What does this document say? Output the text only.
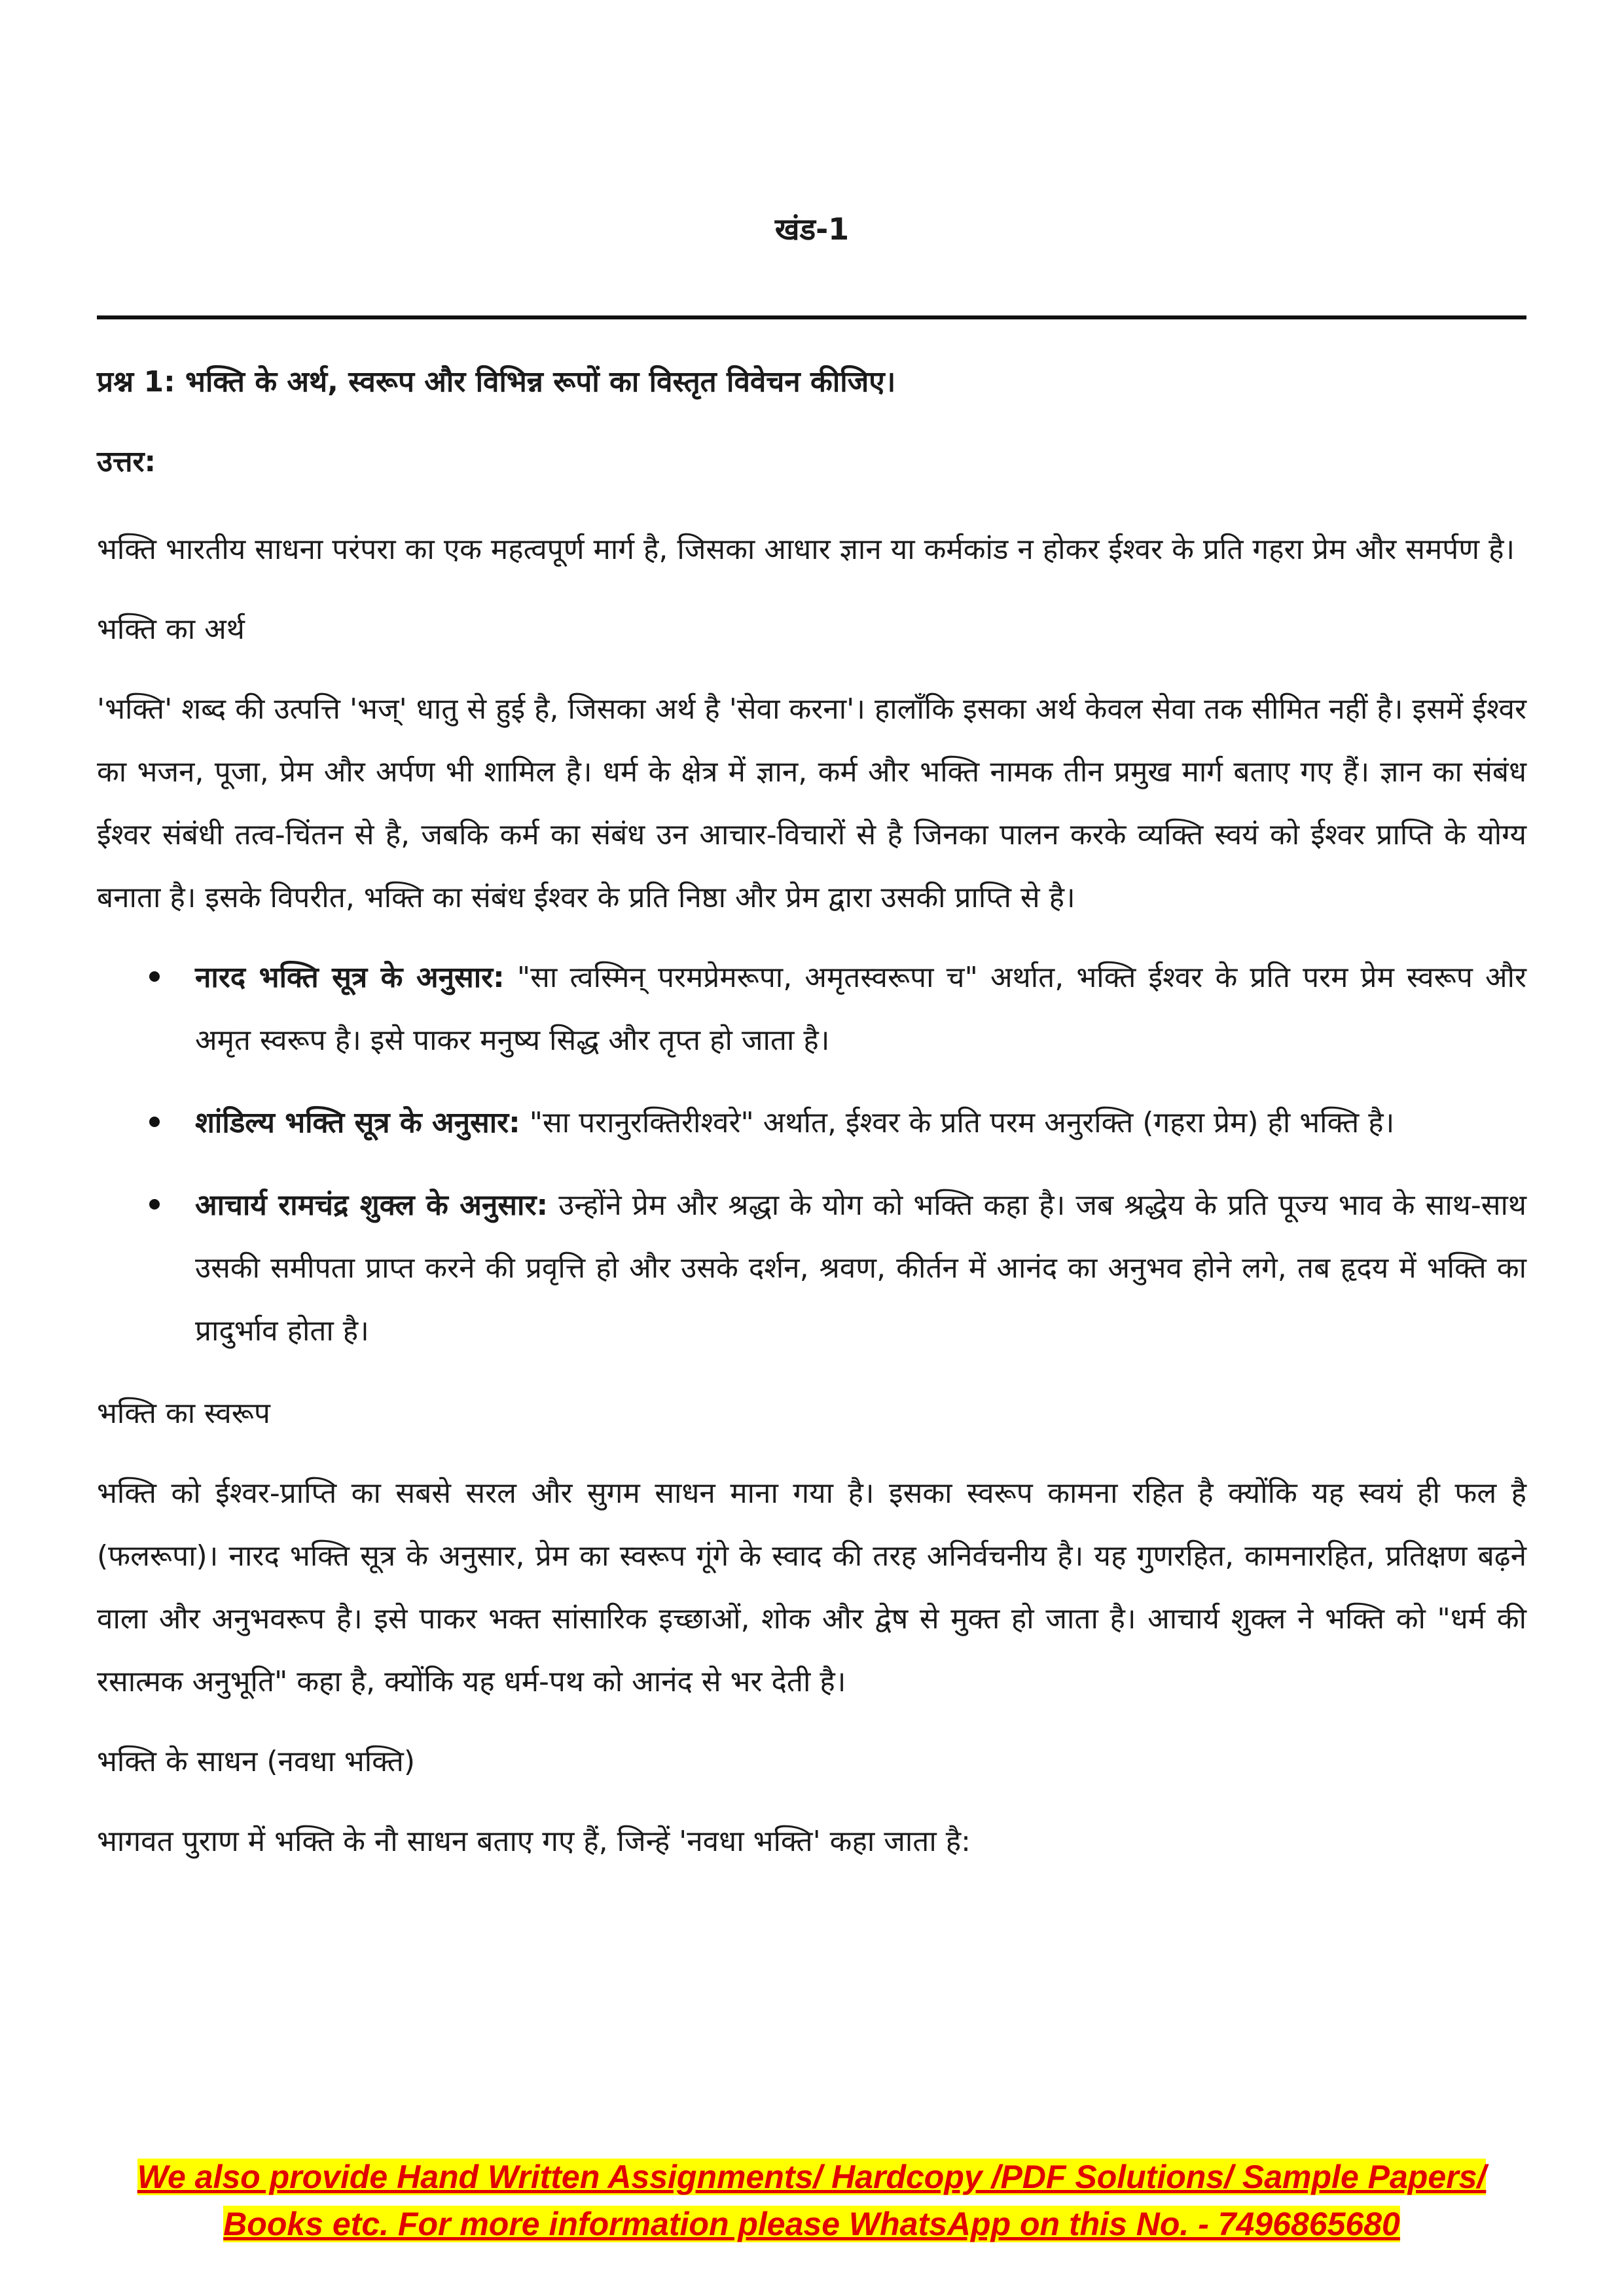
खंड-1
प्रश्न 1: भक्ति के अर्थ, स्वरूप और विभिन्न रूपों का विस्तृत विवेचन कीजिए।
उत्तर:

भक्ति भारतीय साधना परंपरा का एक महत्वपूर्ण मार्ग है, जिसका आधार ज्ञान या कर्मकांड न होकर ईश्वर के प्रति गहरा प्रेम और समर्पण है।

भक्ति का अर्थ

'भक्ति' शब्द की उत्पत्ति 'भज्' धातु से हुई है, जिसका अर्थ है 'सेवा करना'। हालाँकि इसका अर्थ केवल सेवा तक सीमित नहीं है। इसमें ईश्वर का भजन, पूजा, प्रेम और अर्पण भी शामिल है। धर्म के क्षेत्र में ज्ञान, कर्म और भक्ति नामक तीन प्रमुख मार्ग बताए गए हैं। ज्ञान का संबंध ईश्वर संबंधी तत्व-चिंतन से है, जबकि कर्म का संबंध उन आचार-विचारों से है जिनका पालन करके व्यक्ति स्वयं को ईश्वर प्राप्ति के योग्य बनाता है। इसके विपरीत, भक्ति का संबंध ईश्वर के प्रति निष्ठा और प्रेम द्वारा उसकी प्राप्ति से है।

नारद भक्ति सूत्र के अनुसार: "सा त्वस्मिन् परमप्रेमरूपा, अमृतस्वरूपा च" अर्थात, भक्ति ईश्वर के प्रति परम प्रेम स्वरूप और अमृत स्वरूप है। इसे पाकर मनुष्य सिद्ध और तृप्त हो जाता है।
शांडिल्य भक्ति सूत्र के अनुसार: "सा परानुरक्तिरीश्वरे" अर्थात, ईश्वर के प्रति परम अनुरक्ति (गहरा प्रेम) ही भक्ति है।
आचार्य रामचंद्र शुक्ल के अनुसार: उन्होंने प्रेम और श्रद्धा के योग को भक्ति कहा है। जब श्रद्धेय के प्रति पूज्य भाव के साथ-साथ उसकी समीपता प्राप्त करने की प्रवृत्ति हो और उसके दर्शन, श्रवण, कीर्तन में आनंद का अनुभव होने लगे, तब हृदय में भक्ति का प्रादुर्भाव होता है।
भक्ति का स्वरूप

भक्ति को ईश्वर-प्राप्ति का सबसे सरल और सुगम साधन माना गया है। इसका स्वरूप कामना रहित है क्योंकि यह स्वयं ही फल है (फलरूपा)। नारद भक्ति सूत्र के अनुसार, प्रेम का स्वरूप गूंगे के स्वाद की तरह अनिर्वचनीय है। यह गुणरहित, कामनारहित, प्रतिक्षण बढ़ने वाला और अनुभवरूप है। इसे पाकर भक्त सांसारिक इच्छाओं, शोक और द्वेष से मुक्त हो जाता है। आचार्य शुक्ल ने भक्ति को "धर्म की रसात्मक अनुभूति" कहा है, क्योंकि यह धर्म-पथ को आनंद से भर देती है।

भक्ति के साधन (नवधा भक्ति)

भागवत पुराण में भक्ति के नौ साधन बताए गए हैं, जिन्हें 'नवधा भक्ति' कहा जाता है:

We also provide Hand Written Assignments/ Hardcopy /PDF Solutions/ Sample Papers/
Books etc. For more information please WhatsApp on this No. - 7496865680
